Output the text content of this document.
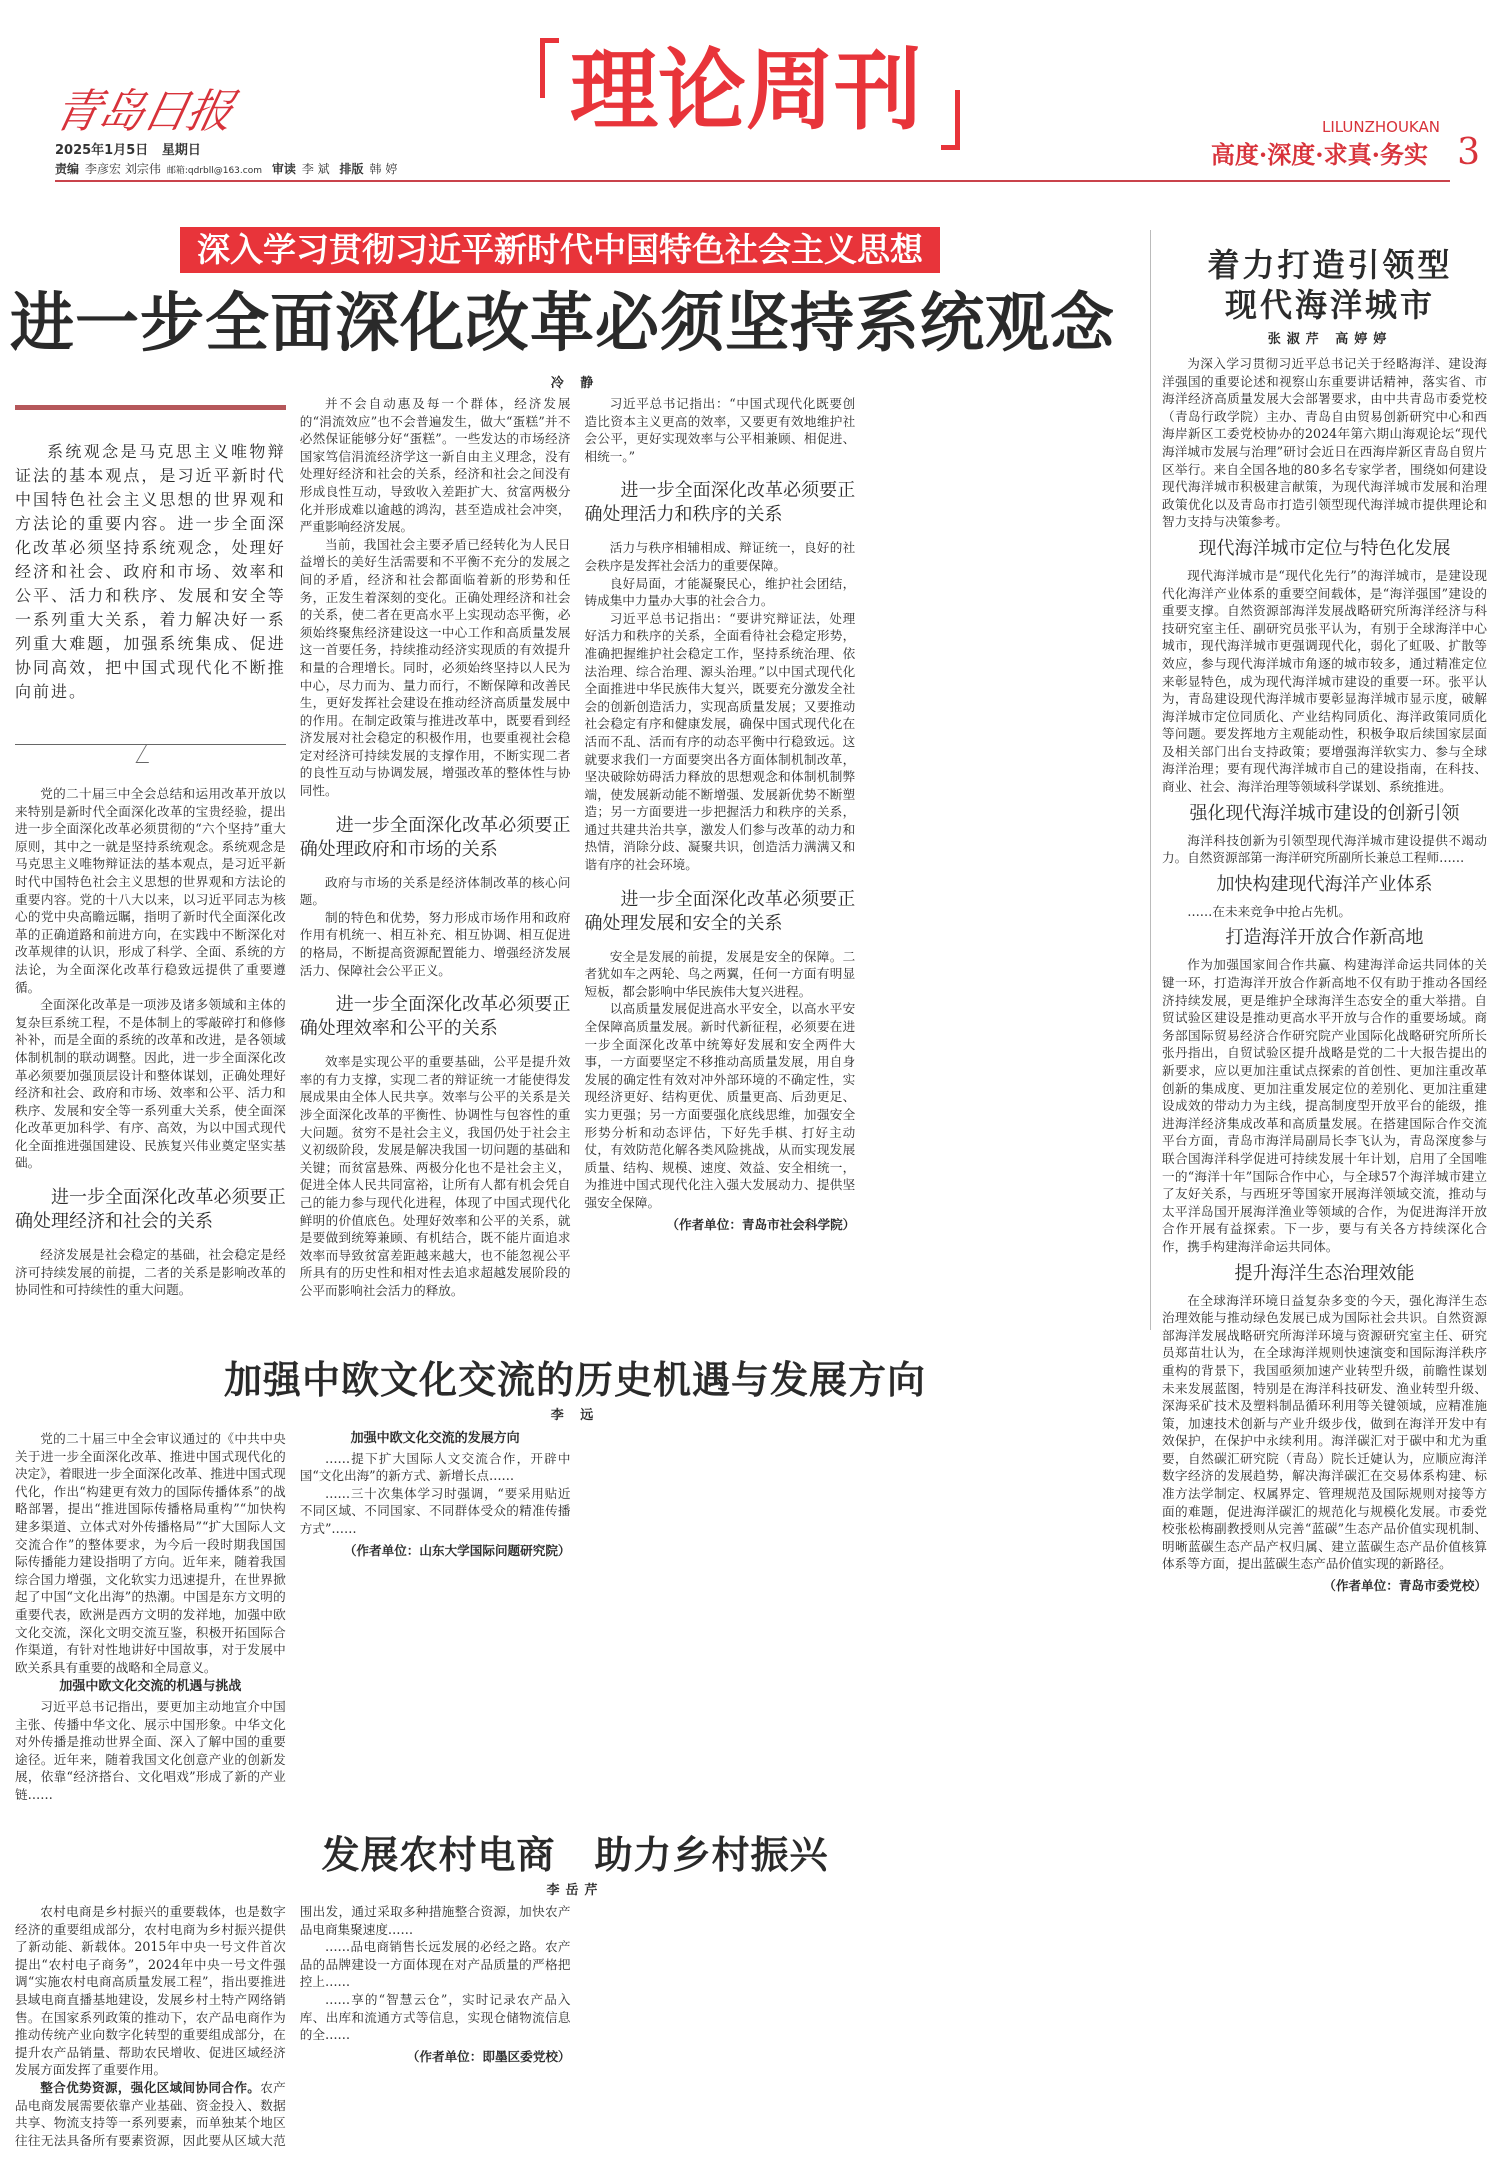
青岛日报
2025年1月5日 星期日
责编 李彦宏 刘宗伟 邮箱:qdrbll@163.com 审读 李 斌 排版 韩 婷
理论周刊	LILUNZHOUKAN
高度·深度·求真·务实 3
深入学习贯彻习近平新时代中国特色社会主义思想
进一步全面深化改革必须坚持系统观念
冷 静
系统观念是马克思主义唯物辩证法的基本观点，是习近平新时代中国特色社会主义思想的世界观和方法论的重要内容。进一步全面深化改革必须坚持系统观念，处理好经济和社会、政府和市场、效率和公平、活力和秩序、发展和安全等一系列重大关系，着力解决好一系列重大难题，加强系统集成、促进协同高效，把中国式现代化不断推向前进。

党的二十届三中全会总结和运用改革开放以来特别是新时代全面深化改革的宝贵经验，提出进一步全面深化改革必须贯彻的“六个坚持”重大原则，其中之一就是坚持系统观念。系统观念是马克思主义唯物辩证法的基本观点，是习近平新时代中国特色社会主义思想的世界观和方法论的重要内容。党的十八大以来，以习近平同志为核心的党中央高瞻远瞩，指明了新时代全面深化改革的正确道路和前进方向，在实践中不断深化对改革规律的认识，形成了科学、全面、系统的方法论，为全面深化改革行稳致远提供了重要遵循。

全面深化改革是一项涉及诸多领域和主体的复杂巨系统工程，不是体制上的零敲碎打和修修补补，而是全面的系统的改革和改进，是各领域体制机制的联动调整。因此，进一步全面深化改革必须要加强顶层设计和整体谋划，正确处理好经济和社会、政府和市场、效率和公平、活力和秩序、发展和安全等一系列重大关系，使全面深化改革更加科学、有序、高效，为以中国式现代化全面推进强国建设、民族复兴伟业奠定坚实基础。

进一步全面深化改革必须要正确处理经济和社会的关系

经济发展是社会稳定的基础，社会稳定是经济可持续发展的前提，二者的关系是影响改革的协同性和可持续性的重大问题。

并不会自动惠及每一个群体，经济发展的“涓流效应”也不会普遍发生，做大“蛋糕”并不必然保证能够分好“蛋糕”。一些发达的市场经济国家笃信涓流经济学这一新自由主义理念，没有处理好经济和社会的关系，经济和社会之间没有形成良性互动，导致收入差距扩大、贫富两极分化并形成难以逾越的鸿沟，甚至造成社会冲突，严重影响经济发展。

当前，我国社会主要矛盾已经转化为人民日益增长的美好生活需要和不平衡不充分的发展之间的矛盾，经济和社会都面临着新的形势和任务，正发生着深刻的变化。正确处理经济和社会的关系，使二者在更高水平上实现动态平衡，必须始终聚焦经济建设这一中心工作和高质量发展这一首要任务，持续推动经济实现质的有效提升和量的合理增长。同时，必须始终坚持以人民为中心，尽力而为、量力而行，不断保障和改善民生，更好发挥社会建设在推动经济高质量发展中的作用。在制定政策与推进改革中，既要看到经济发展对社会稳定的积极作用，也要重视社会稳定对经济可持续发展的支撑作用，不断实现二者的良性互动与协调发展，增强改革的整体性与协同性。

进一步全面深化改革必须要正确处理政府和市场的关系

政府与市场的关系是经济体制改革的核心问题。

制的特色和优势，努力形成市场作用和政府作用有机统一、相互补充、相互协调、相互促进的格局，不断提高资源配置能力、增强经济发展活力、保障社会公平正义。

进一步全面深化改革必须要正确处理效率和公平的关系

效率是实现公平的重要基础，公平是提升效率的有力支撑，实现二者的辩证统一才能使得发展成果由全体人民共享。效率与公平的关系是关涉全面深化改革的平衡性、协调性与包容性的重大问题。贫穷不是社会主义，我国仍处于社会主义初级阶段，发展是解决我国一切问题的基础和关键；而贫富悬殊、两极分化也不是社会主义，促进全体人民共同富裕，让所有人都有机会凭自己的能力参与现代化进程，体现了中国式现代化鲜明的价值底色。处理好效率和公平的关系，就是要做到统筹兼顾、有机结合，既不能片面追求效率而导致贫富差距越来越大，也不能忽视公平所具有的历史性和相对性去追求超越发展阶段的公平而影响社会活力的释放。

习近平总书记指出：“中国式现代化既要创造比资本主义更高的效率，又要更有效地维护社会公平，更好实现效率与公平相兼顾、相促进、相统一。”

进一步全面深化改革必须要正确处理活力和秩序的关系

活力与秩序相辅相成、辩证统一，良好的社会秩序是发挥社会活力的重要保障。

良好局面，才能凝聚民心，维护社会团结，铸成集中力量办大事的社会合力。

习近平总书记指出：“要讲究辩证法，处理好活力和秩序的关系，全面看待社会稳定形势，准确把握维护社会稳定工作，坚持系统治理、依法治理、综合治理、源头治理。”以中国式现代化全面推进中华民族伟大复兴，既要充分激发全社会的创新创造活力，实现高质量发展；又要推动社会稳定有序和健康发展，确保中国式现代化在活而不乱、活而有序的动态平衡中行稳致远。这就要求我们一方面要突出各方面体制机制改革，坚决破除妨碍活力释放的思想观念和体制机制弊端，使发展新动能不断增强、发展新优势不断塑造；另一方面要进一步把握活力和秩序的关系，通过共建共治共享，激发人们参与改革的动力和热情，消除分歧、凝聚共识，创造活力满满又和谐有序的社会环境。

进一步全面深化改革必须要正确处理发展和安全的关系

安全是发展的前提，发展是安全的保障。二者犹如车之两轮、鸟之两翼，任何一方面有明显短板，都会影响中华民族伟大复兴进程。

以高质量发展促进高水平安全，以高水平安全保障高质量发展。新时代新征程，必须要在进一步全面深化改革中统筹好发展和安全两件大事，一方面要坚定不移推动高质量发展，用自身发展的确定性有效对冲外部环境的不确定性，实现经济更好、结构更优、质量更高、后劲更足、实力更强；另一方面要强化底线思维，加强安全形势分析和动态评估，下好先手棋、打好主动仗，有效防范化解各类风险挑战，从而实现发展质量、结构、规模、速度、效益、安全相统一，为推进中国式现代化注入强大发展动力、提供坚强安全保障。

（作者单位：青岛市社会科学院）

着力打造引领型
现代海洋城市
张淑芹 高婷婷

为深入学习贯彻习近平总书记关于经略海洋、建设海洋强国的重要论述和视察山东重要讲话精神，落实省、市海洋经济高质量发展大会部署要求，由中共青岛市委党校（青岛行政学院）主办、青岛自由贸易创新研究中心和西海岸新区工委党校协办的2024年第六期山海观论坛“现代海洋城市发展与治理”研讨会近日在西海岸新区青岛自贸片区举行。来自全国各地的80多名专家学者，围绕如何建设现代海洋城市积极建言献策，为现代海洋城市发展和治理政策优化以及青岛市打造引领型现代海洋城市提供理论和智力支持与决策参考。

现代海洋城市定位与特色化发展

现代海洋城市是“现代化先行”的海洋城市，是建设现代化海洋产业体系的重要空间载体，是“海洋强国”建设的重要支撑。自然资源部海洋发展战略研究所海洋经济与科技研究室主任、副研究员张平认为，有别于全球海洋中心城市，现代海洋城市更强调现代化，弱化了虹吸、扩散等效应，参与现代海洋城市角逐的城市较多，通过精准定位来彰显特色，成为现代海洋城市建设的重要一环。张平认为，青岛建设现代海洋城市要彰显海洋城市显示度，破解海洋城市定位同质化、产业结构同质化、海洋政策同质化等问题。要发挥地方主观能动性，积极争取后续国家层面及相关部门出台支持政策；要增强海洋软实力、参与全球海洋治理；要有现代海洋城市自己的建设指南，在科技、商业、社会、海洋治理等领域科学谋划、系统推进。

强化现代海洋城市建设的创新引领

海洋科技创新为引领型现代海洋城市建设提供不竭动力。自然资源部第一海洋研究所副所长兼总工程师……

加快构建现代海洋产业体系

……在未来竞争中抢占先机。

打造海洋开放合作新高地

作为加强国家间合作共赢、构建海洋命运共同体的关键一环，打造海洋开放合作新高地不仅有助于推动各国经济持续发展，更是维护全球海洋生态安全的重大举措。自贸试验区建设是推动更高水平开放与合作的重要场域。商务部国际贸易经济合作研究院产业国际化战略研究所所长张丹指出，自贸试验区提升战略是党的二十大报告提出的新要求，应以更加注重试点探索的首创性、更加注重改革创新的集成度、更加注重发展定位的差别化、更加注重建设成效的带动力为主线，提高制度型开放平台的能级，推进海洋经济集成改革和高质量发展。在搭建国际合作交流平台方面，青岛市海洋局副局长李飞认为，青岛深度参与联合国海洋科学促进可持续发展十年计划，启用了全国唯一的“海洋十年”国际合作中心，与全球57个海洋城市建立了友好关系，与西班牙等国家开展海洋领域交流，推动与太平洋岛国开展海洋渔业等领域的合作，为促进海洋开放合作开展有益探索。下一步，要与有关各方持续深化合作，携手构建海洋命运共同体。

提升海洋生态治理效能

在全球海洋环境日益复杂多变的今天，强化海洋生态治理效能与推动绿色发展已成为国际社会共识。自然资源部海洋发展战略研究所海洋环境与资源研究室主任、研究员郑苗壮认为，在全球海洋规则快速演变和国际海洋秩序重构的背景下，我国亟须加速产业转型升级，前瞻性谋划未来发展蓝图，特别是在海洋科技研发、渔业转型升级、深海采矿技术及塑料制品循环利用等关键领域，应精准施策，加速技术创新与产业升级步伐，做到在海洋开发中有效保护，在保护中永续利用。海洋碳汇对于碳中和尤为重要，自然碳汇研究院（青岛）院长迁婕认为，应顺应海洋数字经济的发展趋势，解决海洋碳汇在交易体系构建、标准方法学制定、权属界定、管理规范及国际规则对接等方面的难题，促进海洋碳汇的规范化与规模化发展。市委党校张松梅副教授则从完善“蓝碳”生态产品价值实现机制、明晰蓝碳生态产品产权归属、建立蓝碳生态产品价值核算体系等方面，提出蓝碳生态产品价值实现的新路径。

（作者单位：青岛市委党校）

加强中欧文化交流的历史机遇与发展方向
李 远

党的二十届三中全会审议通过的《中共中央关于进一步全面深化改革、推进中国式现代化的决定》，着眼进一步全面深化改革、推进中国式现代化，作出“构建更有效力的国际传播体系”的战略部署，提出“推进国际传播格局重构”“加快构建多渠道、立体式对外传播格局”“扩大国际人文交流合作”的整体要求，为今后一段时期我国国际传播能力建设指明了方向。近年来，随着我国综合国力增强，文化软实力迅速提升，在世界掀起了中国“文化出海”的热潮。中国是东方文明的重要代表，欧洲是西方文明的发祥地，加强中欧文化交流，深化文明交流互鉴，积极开拓国际合作渠道，有针对性地讲好中国故事，对于发展中欧关系具有重要的战略和全局意义。

加强中欧文化交流的机遇与挑战

习近平总书记指出，要更加主动地宣介中国主张、传播中华文化、展示中国形象。中华文化对外传播是推动世界全面、深入了解中国的重要途径。近年来，随着我国文化创意产业的创新发展，依靠“经济搭台、文化唱戏”形成了新的产业链……

加强中欧文化交流的发展方向

……提下扩大国际人文交流合作，开辟中国“文化出海”的新方式、新增长点……

……三十次集体学习时强调，“要采用贴近不同区域、不同国家、不同群体受众的精准传播方式”……

（作者单位：山东大学国际问题研究院）

发展农村电商　助力乡村振兴
李岳芹

农村电商是乡村振兴的重要载体，也是数字经济的重要组成部分，农村电商为乡村振兴提供了新动能、新载体。2015年中央一号文件首次提出“农村电子商务”，2024年中央一号文件强调“实施农村电商高质量发展工程”，指出要推进县域电商直播基地建设，发展乡村土特产网络销售。在国家系列政策的推动下，农产品电商作为推动传统产业向数字化转型的重要组成部分，在提升农产品销量、帮助农民增收、促进区域经济发展方面发挥了重要作用。

整合优势资源，强化区域间协同合作。农产品电商发展需要依靠产业基础、资金投入、数据共享、物流支持等一系列要素，而单独某个地区往往无法具备所有要素资源，因此要从区域大范围出发，通过采取多种措施整合资源，加快农产品电商集聚速度……

……品电商销售长远发展的必经之路。农产品的品牌建设一方面体现在对产品质量的严格把控上……

……享的“智慧云仓”，实时记录农产品入库、出库和流通方式等信息，实现仓储物流信息的全……

（作者单位：即墨区委党校）
